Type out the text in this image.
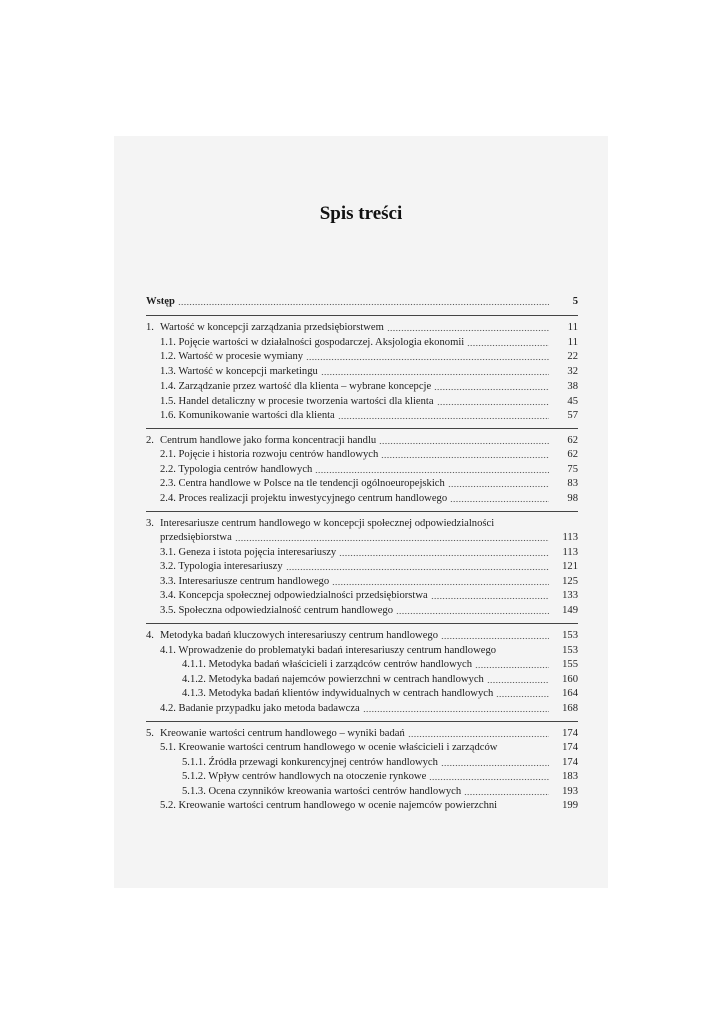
Spis treści
Wstęp	5
1. Wartość w koncepcji zarządzania przedsiębiorstwem	11
1.1. Pojęcie wartości w działalności gospodarczej. Aksjologia ekonomii	11
1.2. Wartość w procesie wymiany	22
1.3. Wartość w koncepcji marketingu	32
1.4. Zarządzanie przez wartość dla klienta – wybrane koncepcje	38
1.5. Handel detaliczny w procesie tworzenia wartości dla klienta	45
1.6. Komunikowanie wartości dla klienta	57
2. Centrum handlowe jako forma koncentracji handlu	62
2.1. Pojęcie i historia rozwoju centrów handlowych	62
2.2. Typologia centrów handlowych	75
2.3. Centra handlowe w Polsce na tle tendencji ogólnoeuropejskich	83
2.4. Proces realizacji projektu inwestycyjnego centrum handlowego	98
3. Interesariusze centrum handlowego w koncepcji społecznej odpowiedzialności
przedsiębiorstwa	113
3.1. Geneza i istota pojęcia interesariuszy	113
3.2. Typologia interesariuszy	121
3.3. Interesariusze centrum handlowego	125
3.4. Koncepcja społecznej odpowiedzialności przedsiębiorstwa	133
3.5. Społeczna odpowiedzialność centrum handlowego	149
4. Metodyka badań kluczowych interesariuszy centrum handlowego	153
4.1. Wprowadzenie do problematyki badań interesariuszy centrum handlowego	153
4.1.1. Metodyka badań właścicieli i zarządców centrów handlowych	155
4.1.2. Metodyka badań najemców powierzchni w centrach handlowych	160
4.1.3. Metodyka badań klientów indywidualnych w centrach handlowych	164
4.2. Badanie przypadku jako metoda badawcza	168
5. Kreowanie wartości centrum handlowego – wyniki badań	174
5.1. Kreowanie wartości centrum handlowego w ocenie właścicieli i zarządców	174
5.1.1. Źródła przewagi konkurencyjnej centrów handlowych	174
5.1.2. Wpływ centrów handlowych na otoczenie rynkowe	183
5.1.3. Ocena czynników kreowania wartości centrów handlowych	193
5.2. Kreowanie wartości centrum handlowego w ocenie najemców powierzchni	199
